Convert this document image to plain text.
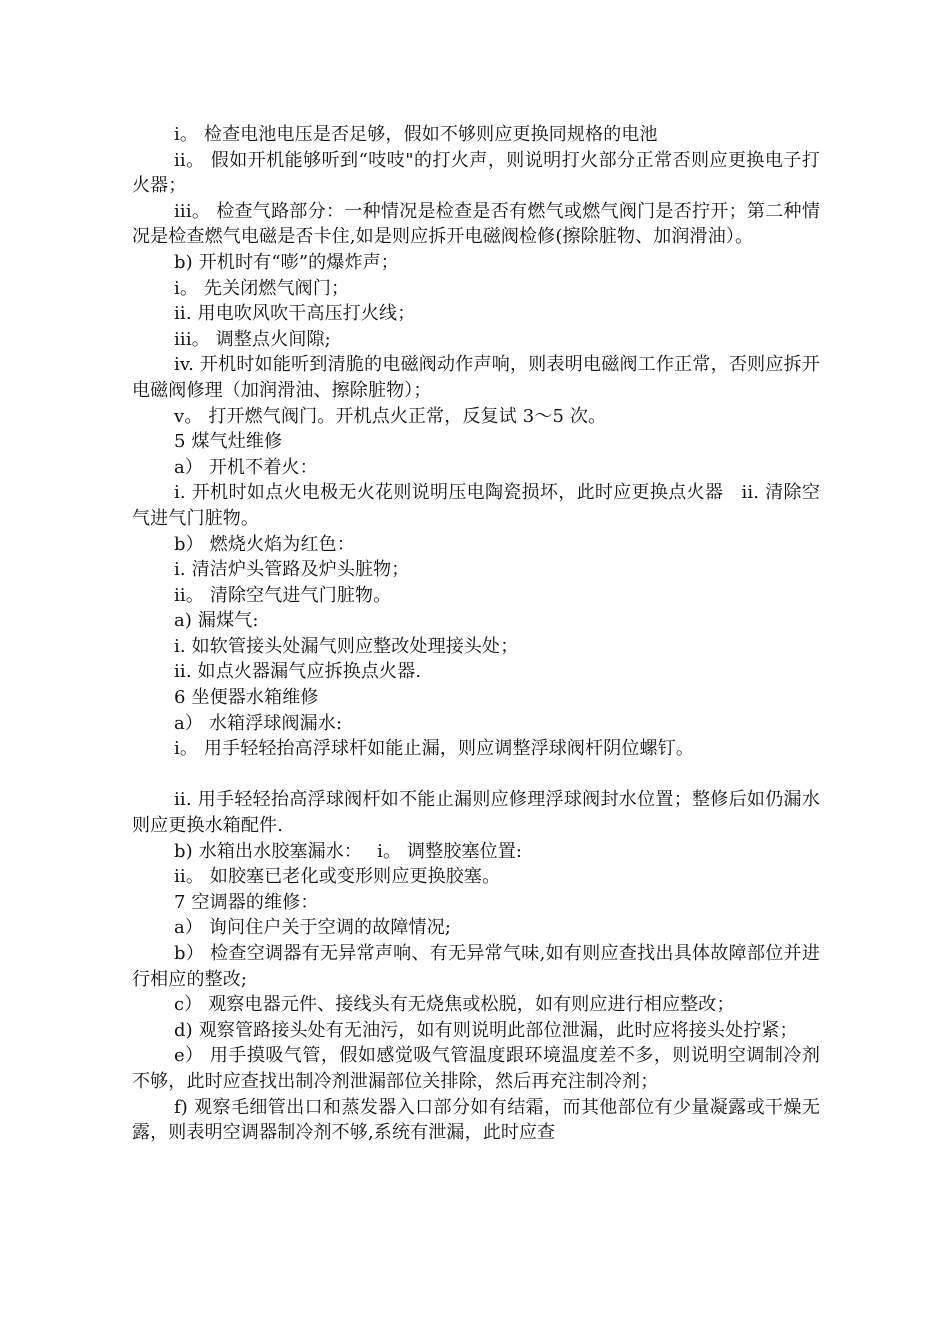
i。 检查电池电压是否足够，假如不够则应更换同规格的电池

ii。 假如开机能够听到“吱吱"的打火声，则说明打火部分正常否则应更换电子打火器；

iii。 检查气路部分：一种情况是检查是否有燃气或燃气阀门是否拧开；第二种情况是检查燃气电磁是否卡住,如是则应拆开电磁阀检修(擦除脏物、加润滑油）。

b) 开机时有“嘭”的爆炸声；

i。 先关闭燃气阀门；

ii. 用电吹风吹干高压打火线；

iii。 调整点火间隙;

iv. 开机时如能听到清脆的电磁阀动作声响，则表明电磁阀工作正常，否则应拆开电磁阀修理（加润滑油、擦除脏物）；

v。 打开燃气阀门。开机点火正常，反复试 3～5 次。

5 煤气灶维修

a） 开机不着火：

i. 开机时如点火电极无火花则说明压电陶瓷损坏，此时应更换点火器　ii. 清除空气进气门脏物。

b） 燃烧火焰为红色：

i. 清洁炉头管路及炉头脏物；

ii。 清除空气进气门脏物。

a) 漏煤气:

i. 如软管接头处漏气则应整改处理接头处；

ii. 如点火器漏气应拆换点火器.

6 坐便器水箱维修

a） 水箱浮球阀漏水:

i。 用手轻轻抬高浮球杆如能止漏，则应调整浮球阀杆阴位螺钉。

ii. 用手轻轻抬高浮球阀杆如不能止漏则应修理浮球阀封水位置；整修后如仍漏水则应更换水箱配件.

b) 水箱出水胶塞漏水：　 i。 调整胶塞位置:

ii。 如胶塞已老化或变形则应更换胶塞。

7 空调器的维修：

a） 询问住户关于空调的故障情况;

b） 检查空调器有无异常声响、有无异常气味,如有则应查找出具体故障部位并进行相应的整改;

c） 观察电器元件、接线头有无烧焦或松脱，如有则应进行相应整改；

d) 观察管路接头处有无油污，如有则说明此部位泄漏，此时应将接头处拧紧；

e） 用手摸吸气管，假如感觉吸气管温度跟环境温度差不多，则说明空调制冷剂不够，此时应查找出制冷剂泄漏部位关排除，然后再充注制冷剂；

f) 观察毛细管出口和蒸发器入口部分如有结霜，而其他部位有少量凝露或干燥无露，则表明空调器制冷剂不够,系统有泄漏，此时应查
